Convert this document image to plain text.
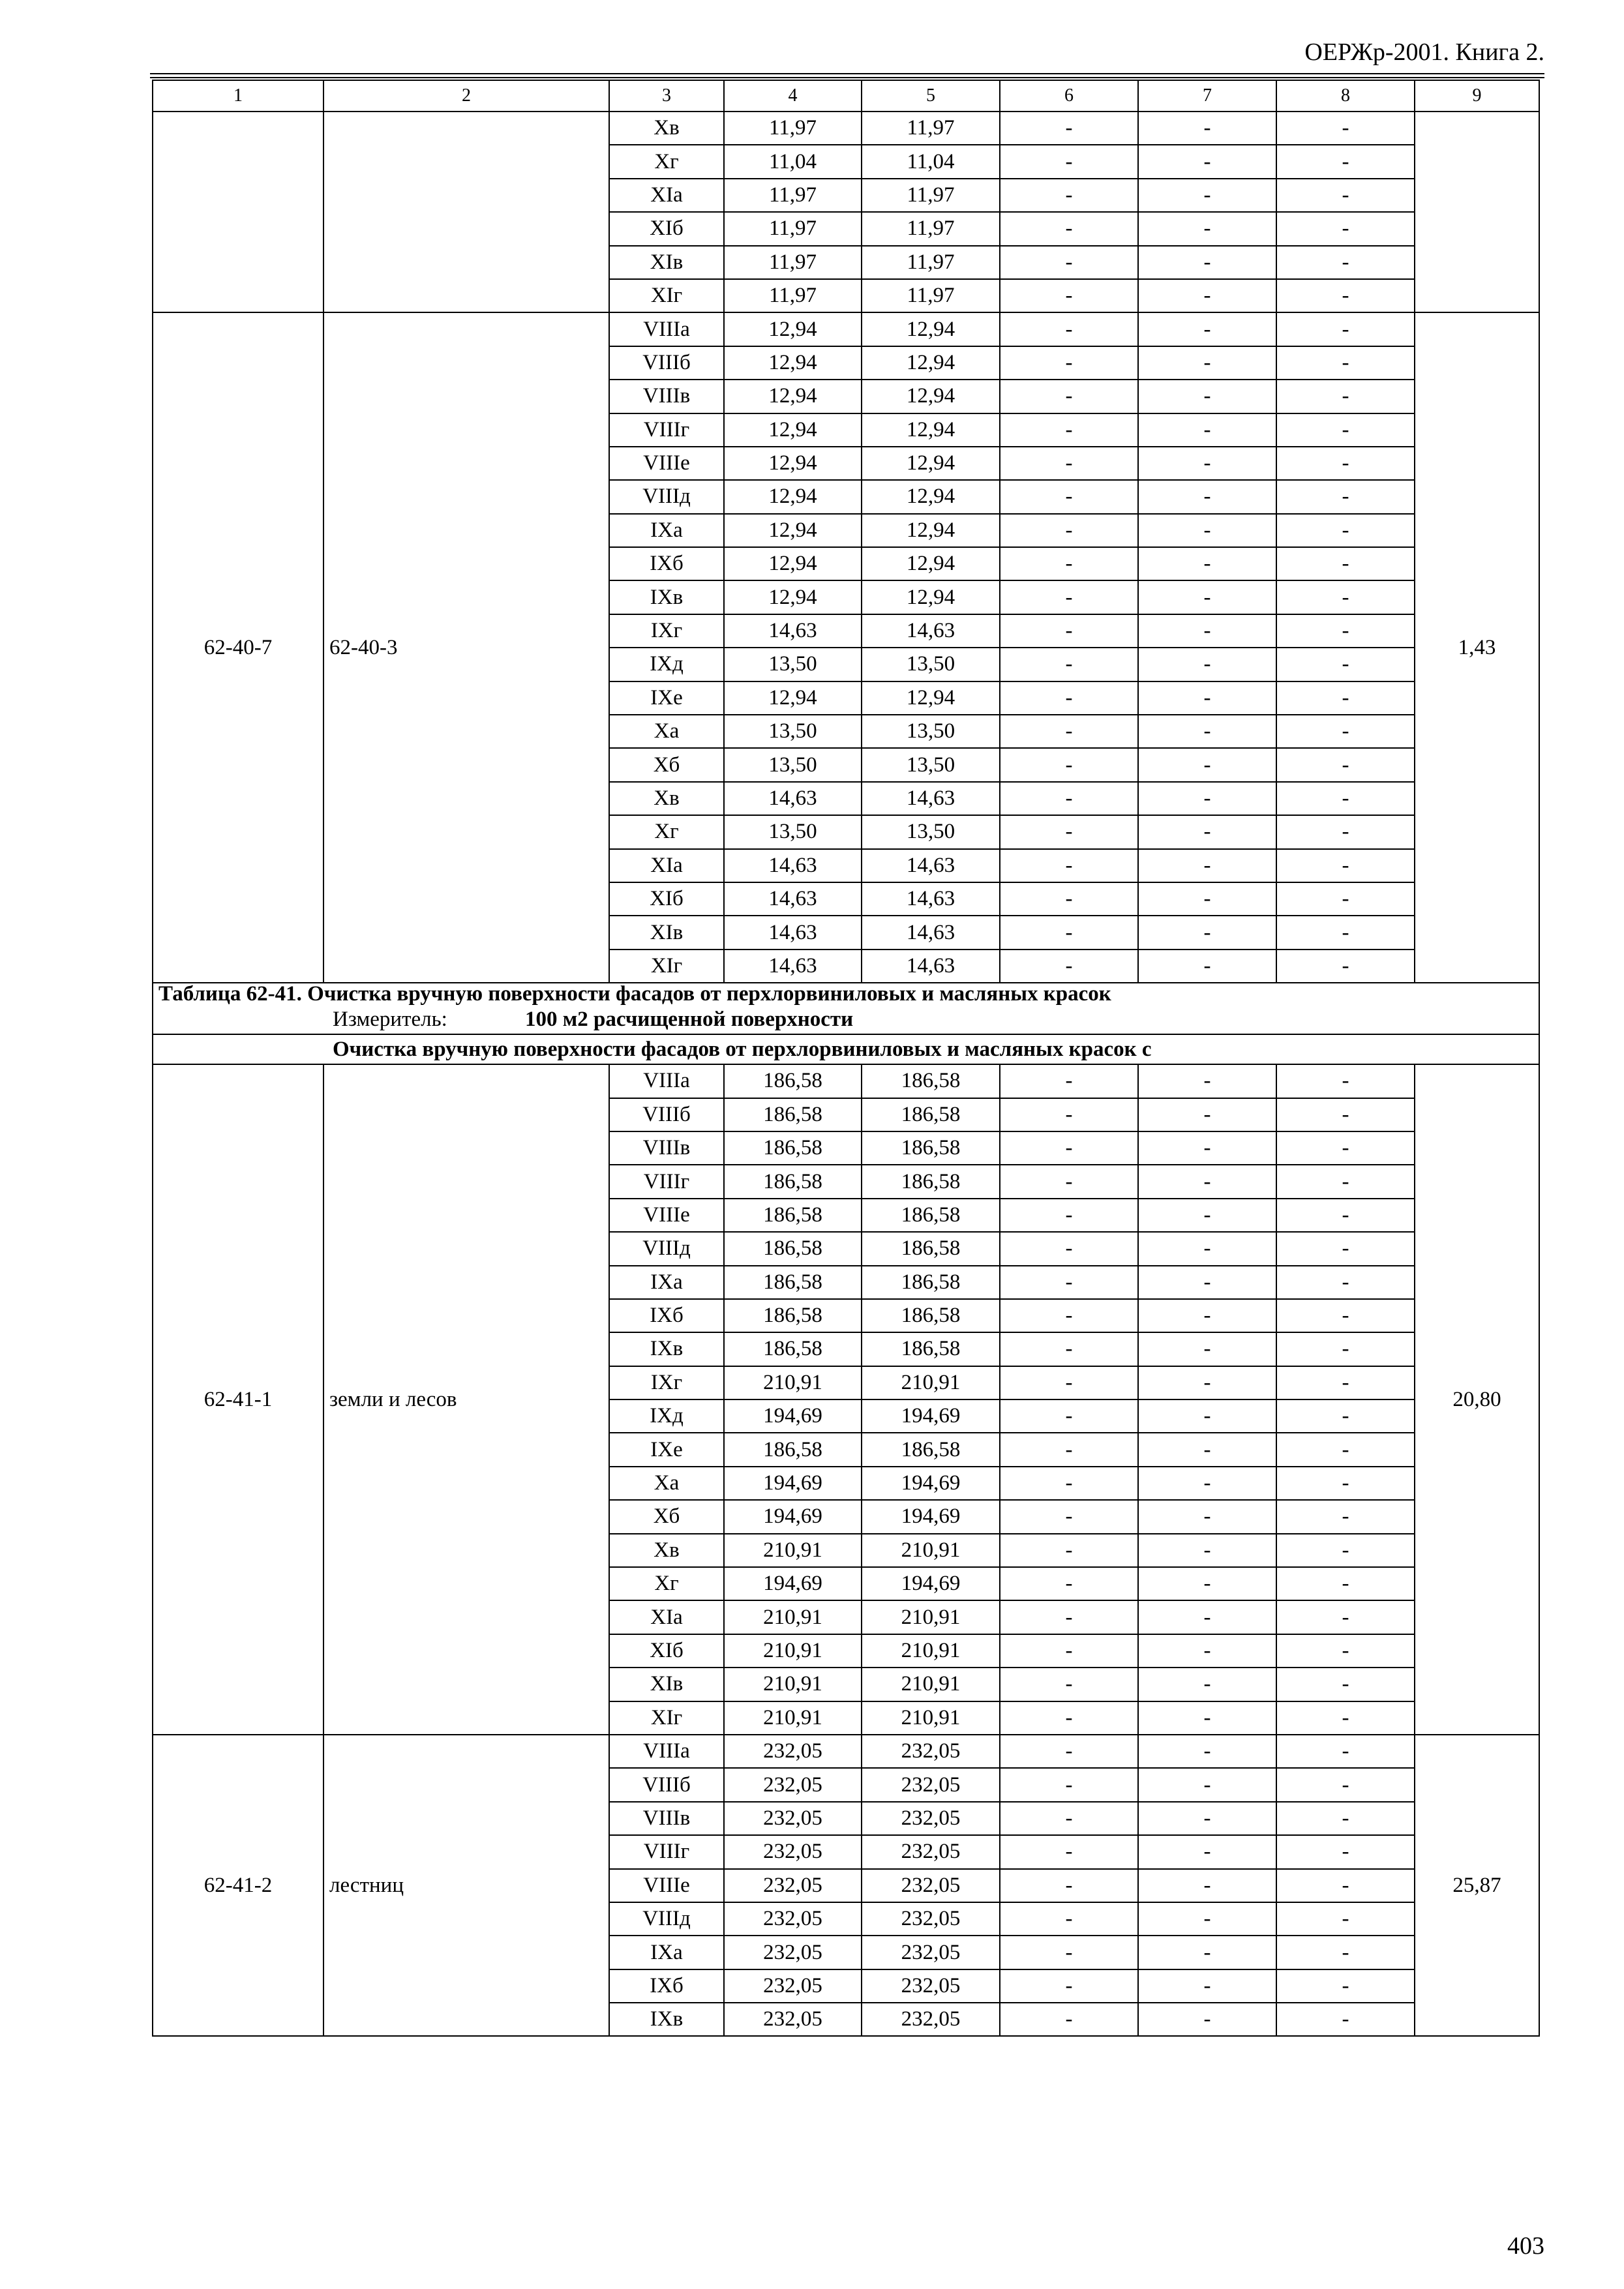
ОЕРЖр-2001. Книга 2.
1	2	3	4	5	6	7	8	9
		Хв	11,97	11,97	-	-	-	
		Хг	11,04	11,04	-	-	-	
		ХIа	11,97	11,97	-	-	-	
		ХIб	11,97	11,97	-	-	-	
		ХIв	11,97	11,97	-	-	-	
		ХIг	11,97	11,97	-	-	-	
62-40-7	62-40-3	VIIIа	12,94	12,94	-	-	-	1,43
		VIIIб	12,94	12,94	-	-	-	
		VIIIв	12,94	12,94	-	-	-	
		VIIIг	12,94	12,94	-	-	-	
		VIIIе	12,94	12,94	-	-	-	
		VIIIд	12,94	12,94	-	-	-	
		IХа	12,94	12,94	-	-	-	
		IХб	12,94	12,94	-	-	-	
		IХв	12,94	12,94	-	-	-	
		IХг	14,63	14,63	-	-	-	
		IХд	13,50	13,50	-	-	-	
		IХе	12,94	12,94	-	-	-	
		Ха	13,50	13,50	-	-	-	
		Хб	13,50	13,50	-	-	-	
		Хв	14,63	14,63	-	-	-	
		Хг	13,50	13,50	-	-	-	
		ХIа	14,63	14,63	-	-	-	
		ХIб	14,63	14,63	-	-	-	
		ХIв	14,63	14,63	-	-	-	
		ХIг	14,63	14,63	-	-	-	
Таблица 62-41. Очистка вручную поверхности фасадов от перхлорвиниловых и масляных красок								
Измеритель: 100 м2 расчищенной поверхности								
Очистка вручную поверхности фасадов от перхлорвиниловых и масляных красок с								
62-41-1	земли и лесов	VIIIа	186,58	186,58	-	-	-	20,80
		VIIIб	186,58	186,58	-	-	-	
		VIIIв	186,58	186,58	-	-	-	
		VIIIг	186,58	186,58	-	-	-	
		VIIIе	186,58	186,58	-	-	-	
		VIIIд	186,58	186,58	-	-	-	
		IХа	186,58	186,58	-	-	-	
		IХб	186,58	186,58	-	-	-	
		IХв	186,58	186,58	-	-	-	
		IХг	210,91	210,91	-	-	-	
		IХд	194,69	194,69	-	-	-	
		IХе	186,58	186,58	-	-	-	
		Ха	194,69	194,69	-	-	-	
		Хб	194,69	194,69	-	-	-	
		Хв	210,91	210,91	-	-	-	
		Хг	194,69	194,69	-	-	-	
		ХIа	210,91	210,91	-	-	-	
		ХIб	210,91	210,91	-	-	-	
		ХIв	210,91	210,91	-	-	-	
		ХIг	210,91	210,91	-	-	-	
62-41-2	лестниц	VIIIа	232,05	232,05	-	-	-	25,87
		VIIIб	232,05	232,05	-	-	-	
		VIIIв	232,05	232,05	-	-	-	
		VIIIг	232,05	232,05	-	-	-	
		VIIIе	232,05	232,05	-	-	-	
		VIIIд	232,05	232,05	-	-	-	
		IХа	232,05	232,05	-	-	-	
		IХб	232,05	232,05	-	-	-	
		IХв	232,05	232,05	-	-	-	
403
